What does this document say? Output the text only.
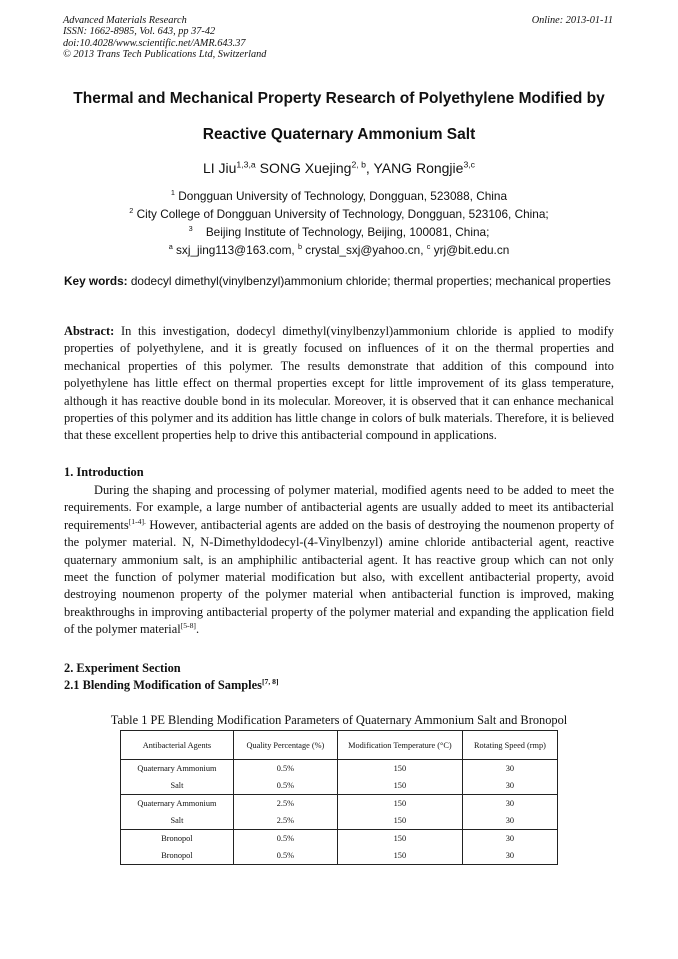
Advanced Materials Research
ISSN: 1662-8985, Vol. 643, pp 37-42
doi:10.4028/www.scientific.net/AMR.643.37
© 2013 Trans Tech Publications Ltd, Switzerland
Online: 2013-01-11
Thermal and Mechanical Property Research of Polyethylene Modified by
Reactive Quaternary Ammonium Salt
LI Jiu$^{1,3,a}$ SONG Xuejing$^{2, b}$, YANG Rongjie$^{3,c}$
$^1$ Dongguan University of Technology, Dongguan, 523088, China
$^2$ City College of Dongguan University of Technology, Dongguan, 523106, China;
$^3$    Beijing Institute of Technology, Beijing, 100081, China;
$^a$ sxj_jing113@163.com, $^b$ crystal_sxj@yahoo.cn, $^c$ yrj@bit.edu.cn
Key words: dodecyl dimethyl(vinylbenzyl)ammonium chloride; thermal properties; mechanical properties
Abstract: In this investigation, dodecyl dimethyl(vinylbenzyl)ammonium chloride is applied to modify properties of polyethylene, and it is greatly focused on influences of it on the thermal properties and mechanical properties of this polymer. The results demonstrate that addition of this compound into polyethylene has little effect on thermal properties except for little improvement of its glass temperature, although it has reactive double bond in its molecular. Moreover, it is observed that it can enhance mechanical properties of this polymer and its addition has little change in colors of bulk materials. Therefore, it is believed that these excellent properties help to drive this antibacterial compound in applications.
1. Introduction
During the shaping and processing of polymer material, modified agents need to be added to meet the requirements. For example, a large number of antibacterial agents are usually added to meet its antibacterial requirements$^{[1-4].}$ However, antibacterial agents are added on the basis of destroying the noumenon property of the polymer material. N, N-Dimethyldodecyl-(4-Vinylbenzyl) amine chloride antibacterial agent, reactive quaternary ammonium salt, is an amphiphilic antibacterial agent. It has reactive group which can not only meet the function of polymer material modification but also, with excellent antibacterial property, avoid destroying noumenon property of the polymer material when antibacterial function is improved, making breakthroughs in improving antibacterial property of the polymer material and expanding the application field of the polymer material[5-8].
2. Experiment Section
2.1 Blending Modification of Samples[7, 8]
Table 1 PE Blending Modification Parameters of Quaternary Ammonium Salt and Bronopol
Antibacterial Agents	Quality Percentage (%)	Modification Temperature (°C)	Rotating Speed (rmp)
Quaternary Ammonium	0.5%	150	30
Salt	0.5%	150	30
Quaternary Ammonium	2.5%	150	30
Salt	2.5%	150	30
Bronopol	0.5%	150	30
Bronopol	0.5%	150	30
